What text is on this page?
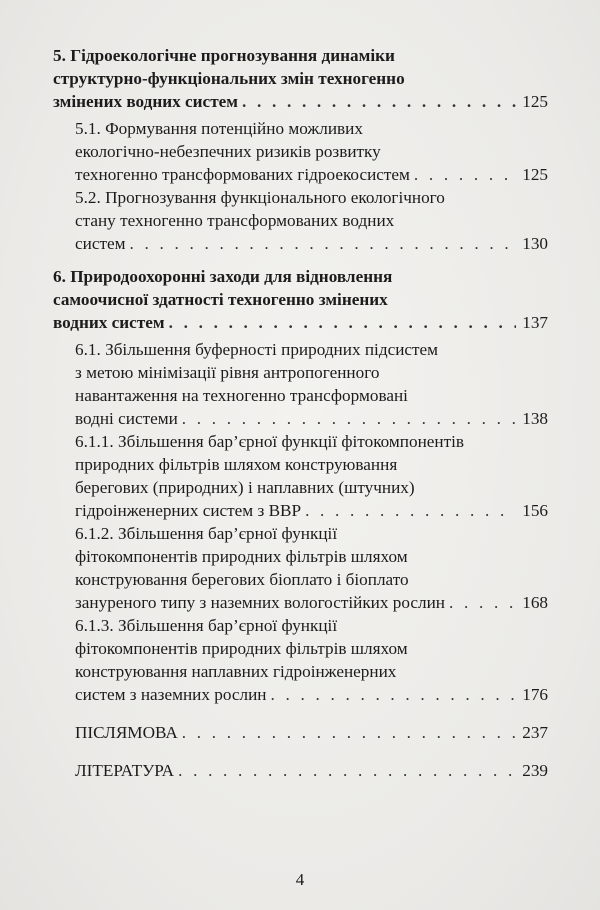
5. Гідроекологічне прогнозування динаміки
структурно-функціональних змін техногенно
змінених водних систем . . .	125
5.1. Формування потенційно можливих
екологічно-небезпечних ризиків розвитку
техногенно трансформованих гідроекосистем . . .	125
5.2. Прогнозування функціонального екологічного
стану техногенно трансформованих водних
систем . . .	130
6. Природоохоронні заходи для відновлення
самоочисної здатності техногенно змінених
водних систем . . .	137
6.1. Збільшення буферності природних підсистем
з метою мінімізації рівня антропогенного
навантаження на техногенно трансформовані
водні системи . . .	138
6.1.1. Збільшення бар’єрної функції фітокомпонентів
природних фільтрів шляхом конструювання
берегових (природних) і наплавних (штучних)
гідроінженерних систем з ВВР . . .	156
6.1.2. Збільшення бар’єрної функції
фітокомпонентів природних фільтрів шляхом
конструювання берегових біоплато і біоплато
зануреного типу з наземних вологостійких рослин . . .	168
6.1.3. Збільшення бар’єрної функції
фітокомпонентів природних фільтрів шляхом
конструювання наплавних гідроінженерних
систем з наземних рослин . . .	176
ПІСЛЯМОВА . . .	237
ЛІТЕРАТУРА . . .	239
4
